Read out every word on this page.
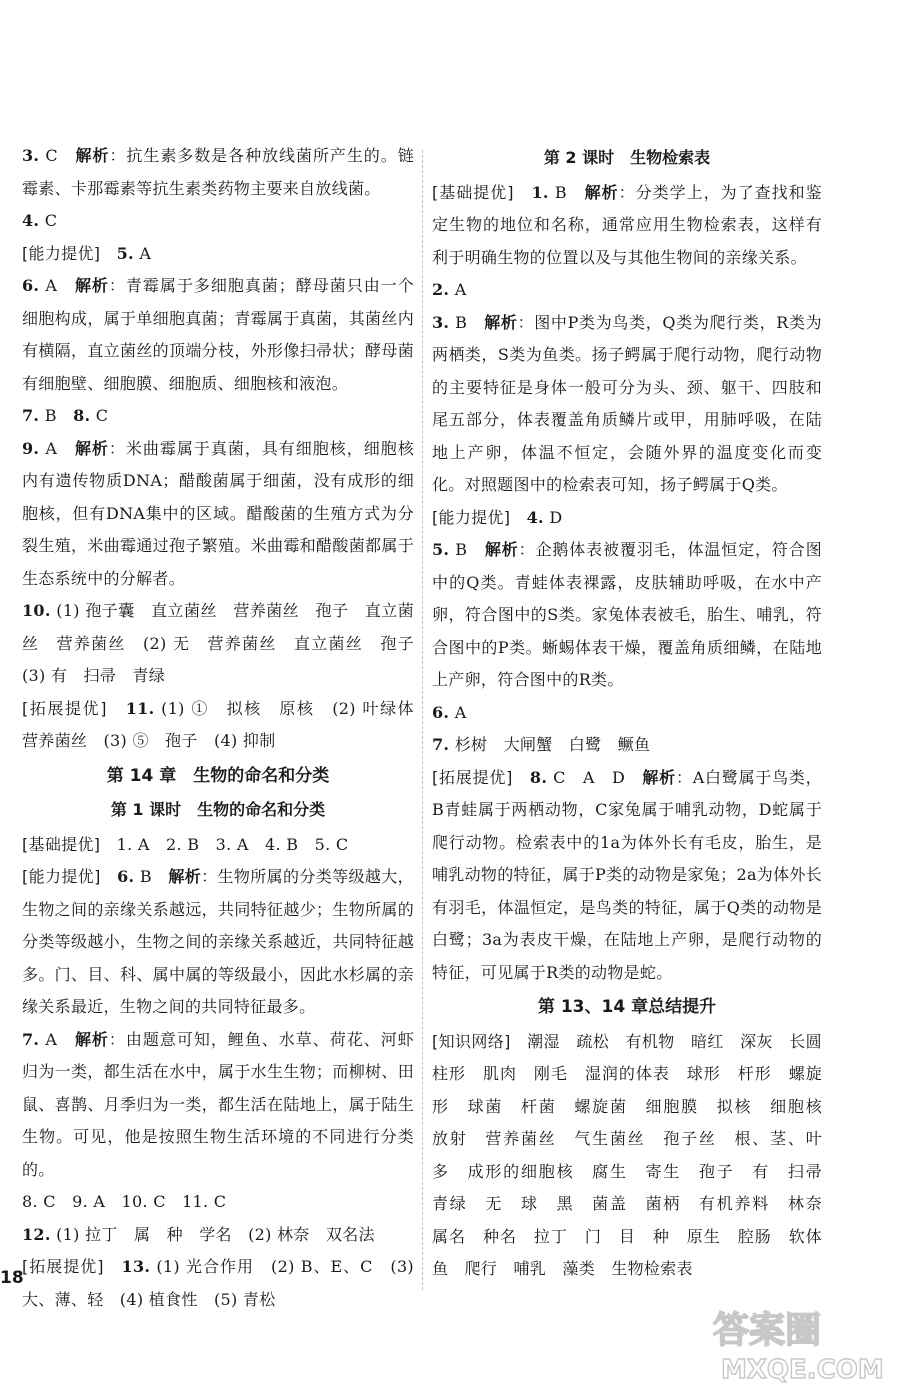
3. C　 解析：抗生素多数是各种放线菌所产生的。链霉素、卡那霉素等抗生素类药物主要来自放线菌。

4. C

[能力提优]　 5. A

6. A　 解析：青霉属于多细胞真菌；酵母菌只由一个细胞构成，属于单细胞真菌；青霉属于真菌，其菌丝内有横隔，直立菌丝的顶端分枝，外形像扫帚状；酵母菌有细胞壁、细胞膜、细胞质、细胞核和液泡。

7. B　 8. C

9. A　 解析：米曲霉属于真菌，具有细胞核，细胞核内有遗传物质DNA；醋酸菌属于细菌，没有成形的细胞核，但有DNA集中的区域。醋酸菌的生殖方式为分裂生殖，米曲霉通过孢子繁殖。米曲霉和醋酸菌都属于生态系统中的分解者。

10. (1) 孢子囊　直立菌丝　营养菌丝　孢子　直立菌丝　营养菌丝　(2) 无　营养菌丝　直立菌丝　孢子　(3) 有　扫帚　青绿

[拓展提优]　 11. (1) ①　拟核　原核　(2) 叶绿体　营养菌丝　(3) ⑤　孢子　(4) 抑制

第 14 章　生物的命名和分类
第 1 课时　生物的命名和分类

[基础提优]　 1. A　2. B　3. A　4. B　5. C

[能力提优]　 6. B　 解析：生物所属的分类等级越大，生物之间的亲缘关系越远，共同特征越少；生物所属的分类等级越小，生物之间的亲缘关系越近，共同特征越多。门、目、科、属中属的等级最小，因此水杉属的亲缘关系最近，生物之间的共同特征最多。

7. A　 解析：由题意可知，鲤鱼、水草、荷花、河虾归为一类，都生活在水中，属于水生生物；而柳树、田鼠、喜鹊、月季归为一类，都生活在陆地上，属于陆生生物。可见，他是按照生物生活环境的不同进行分类的。

8. C　9. A　10. C　11. C

12. (1) 拉丁　属　种　学名　(2) 林奈　双名法

[拓展提优]　 13. (1) 光合作用　(2) B、E、C　(3) 大、薄、轻　(4) 植食性　(5) 青松

第 2 课时　生物检索表

[基础提优]　 1. B　 解析：分类学上，为了查找和鉴定生物的地位和名称，通常应用生物检索表，这样有利于明确生物的位置以及与其他生物间的亲缘关系。

2. A

3. B　 解析：图中P类为鸟类，Q类为爬行类，R类为两栖类，S类为鱼类。扬子鳄属于爬行动物，爬行动物的主要特征是身体一般可分为头、颈、躯干、四肢和尾五部分，体表覆盖角质鳞片或甲，用肺呼吸，在陆地上产卵，体温不恒定，会随外界的温度变化而变化。对照题图中的检索表可知，扬子鳄属于Q类。

[能力提优]　 4. D

5. B　 解析：企鹅体表被覆羽毛，体温恒定，符合图中的Q类。青蛙体表裸露，皮肤辅助呼吸，在水中产卵，符合图中的S类。家兔体表被毛，胎生、哺乳，符合图中的P类。蜥蜴体表干燥，覆盖角质细鳞，在陆地上产卵，符合图中的R类。

6. A

7. 杉树　大闸蟹　白鹭　鳜鱼

[拓展提优]　 8. C　A　D　 解析：A白鹭属于鸟类，B青蛙属于两栖动物，C家兔属于哺乳动物，D蛇属于爬行动物。检索表中的1a为体外长有毛皮，胎生，是哺乳动物的特征，属于P类的动物是家兔；2a为体外长有羽毛，体温恒定，是鸟类的特征，属于Q类的动物是白鹭；3a为表皮干燥，在陆地上产卵，是爬行动物的特征，可见属于R类的动物是蛇。

第 13、14 章总结提升

[知识网络]　 潮湿　疏松　有机物　暗红　深灰　长圆柱形　肌肉　刚毛　湿润的体表　球形　杆形　螺旋形　球菌　杆菌　螺旋菌　细胞膜　拟核　细胞核　放射　营养菌丝　气生菌丝　孢子丝　根、茎、叶　多　成形的细胞核　腐生　寄生　孢子　有　扫帚　青绿　无　球　黑　菌盖　菌柄　有机养料　林奈　属名　种名　拉丁　门　目　种　原生　腔肠　软体　鱼　爬行　哺乳　藻类　生物检索表

18
答案圈
MXQE.COM
